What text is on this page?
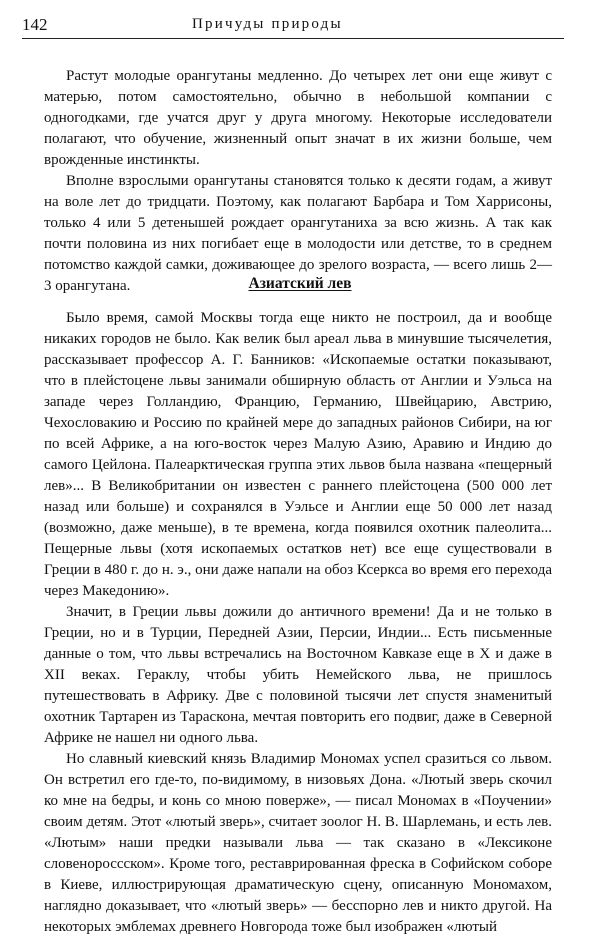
142	Причуды природы

Растут молодые орангутаны медленно. До четырех лет они еще живут с матерью, потом самостоятельно, обычно в небольшой компании с одногодками, где учатся друг у друга многому. Некоторые исследователи полагают, что обучение, жизненный опыт значат в их жизни больше, чем врожденные инстинкты.

Вполне взрослыми орангутаны становятся только к десяти годам, а живут на воле лет до тридцати. Поэтому, как полагают Барбара и Том Харрисоны, только 4 или 5 детенышей рождает орангутаниха за всю жизнь. А так как почти половина из них погибает еще в молодости или детстве, то в среднем потомство каждой самки, доживающее до зрелого возраста, — всего лишь 2—3 орангутана.	Азиатский лев

Было время, самой Москвы тогда еще никто не построил, да и вообще никаких городов не было. Как велик был ареал льва в минувшие тысячелетия, рассказывает профессор А. Г. Банников: «Ископаемые остатки показывают, что в плейстоцене львы занимали обширную область от Англии и Уэльса на западе через Голландию, Францию, Германию, Швейцарию, Австрию, Чехословакию и Россию по крайней мере до западных районов Сибири, на юг по всей Африке, а на юго-восток через Малую Азию, Аравию и Индию до самого Цейлона. Палеарктическая группа этих львов была названа «пещерный лев»... В Великобритании он известен с раннего плейстоцена (500 000 лет назад или больше) и сохранялся в Уэльсе и Англии еще 50 000 лет назад (возможно, даже меньше), в те времена, когда появился охотник палеолита... Пещерные львы (хотя ископаемых остатков нет) все еще существовали в Греции в 480 г. до н. э., они даже напали на обоз Ксеркса во время его перехода через Македонию».

Значит, в Греции львы дожили до античного времени! Да и не только в Греции, но и в Турции, Передней Азии, Персии, Индии... Есть письменные данные о том, что львы встречались на Восточном Кавказе еще в X и даже в XII веках. Гераклу, чтобы убить Немейского льва, не пришлось путешествовать в Африку. Две с половиной тысячи лет спустя знаменитый охотник Тартарен из Тараскона, мечтая повторить его подвиг, даже в Северной Африке не нашел ни одного льва.

Но славный киевский князь Владимир Мономах успел сразиться со львом. Он встретил его где-то, по-видимому, в низовьях Дона. «Лютый зверь скочил ко мне на бедры, и конь со мною поверже», — писал Мономах в «Поучении» своим детям. Этот «лютый зверь», считает зоолог Н. В. Шарлемань, и есть лев. «Лютым» наши предки называли льва — так сказано в «Лексиконе словенороссском». Кроме того, реставрированная фреска в Софийском соборе в Киеве, иллюстрирующая драматическую сцену, описанную Мономахом, наглядно доказывает, что «лютый зверь» — бесспорно лев и никто другой. На некоторых эмблемах древнего Новгорода тоже был изображен «лютый
